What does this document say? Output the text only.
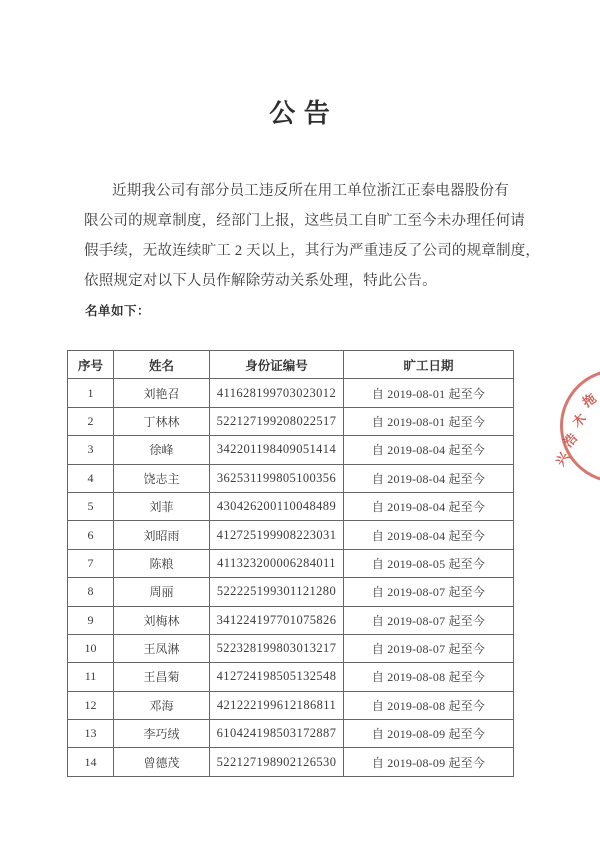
公 告
近期我公司有部分员工违反所在用工单位浙江正泰电器股份有
限公司的规章制度，经部门上报，这些员工自旷工至今未办理任何请
假手续，无故连续旷工 2 天以上，其行为严重违反了公司的规章制度，
依照规定对以下人员作解除劳动关系处理，特此公告。
名单如下：
序号	姓名	身份证编号	旷工日期
1	刘艳召	411628199703023012	自 2019-08-01 起至今
2	丁林林	522127199208022517	自 2019-08-01 起至今
3	徐峰	342201198409051414	自 2019-08-04 起至今
4	饶志主	362531199805100356	自 2019-08-04 起至今
5	刘菲	430426200110048489	自 2019-08-04 起至今
6	刘昭雨	412725199908223031	自 2019-08-04 起至今
7	陈粮	411323200006284011	自 2019-08-05 起至今
8	周丽	522225199301121280	自 2019-08-07 起至今
9	刘梅林	341224197701075826	自 2019-08-07 起至今
10	王凤淋	522328199803013217	自 2019-08-07 起至今
11	王昌菊	412724198505132548	自 2019-08-08 起至今
12	邓海	421222199612186811	自 2019-08-08 起至今
13	李巧绒	610424198503172887	自 2019-08-09 起至今
14	曾德茂	522127198902126530	自 2019-08-09 起至今
兴
浩
木
拖
